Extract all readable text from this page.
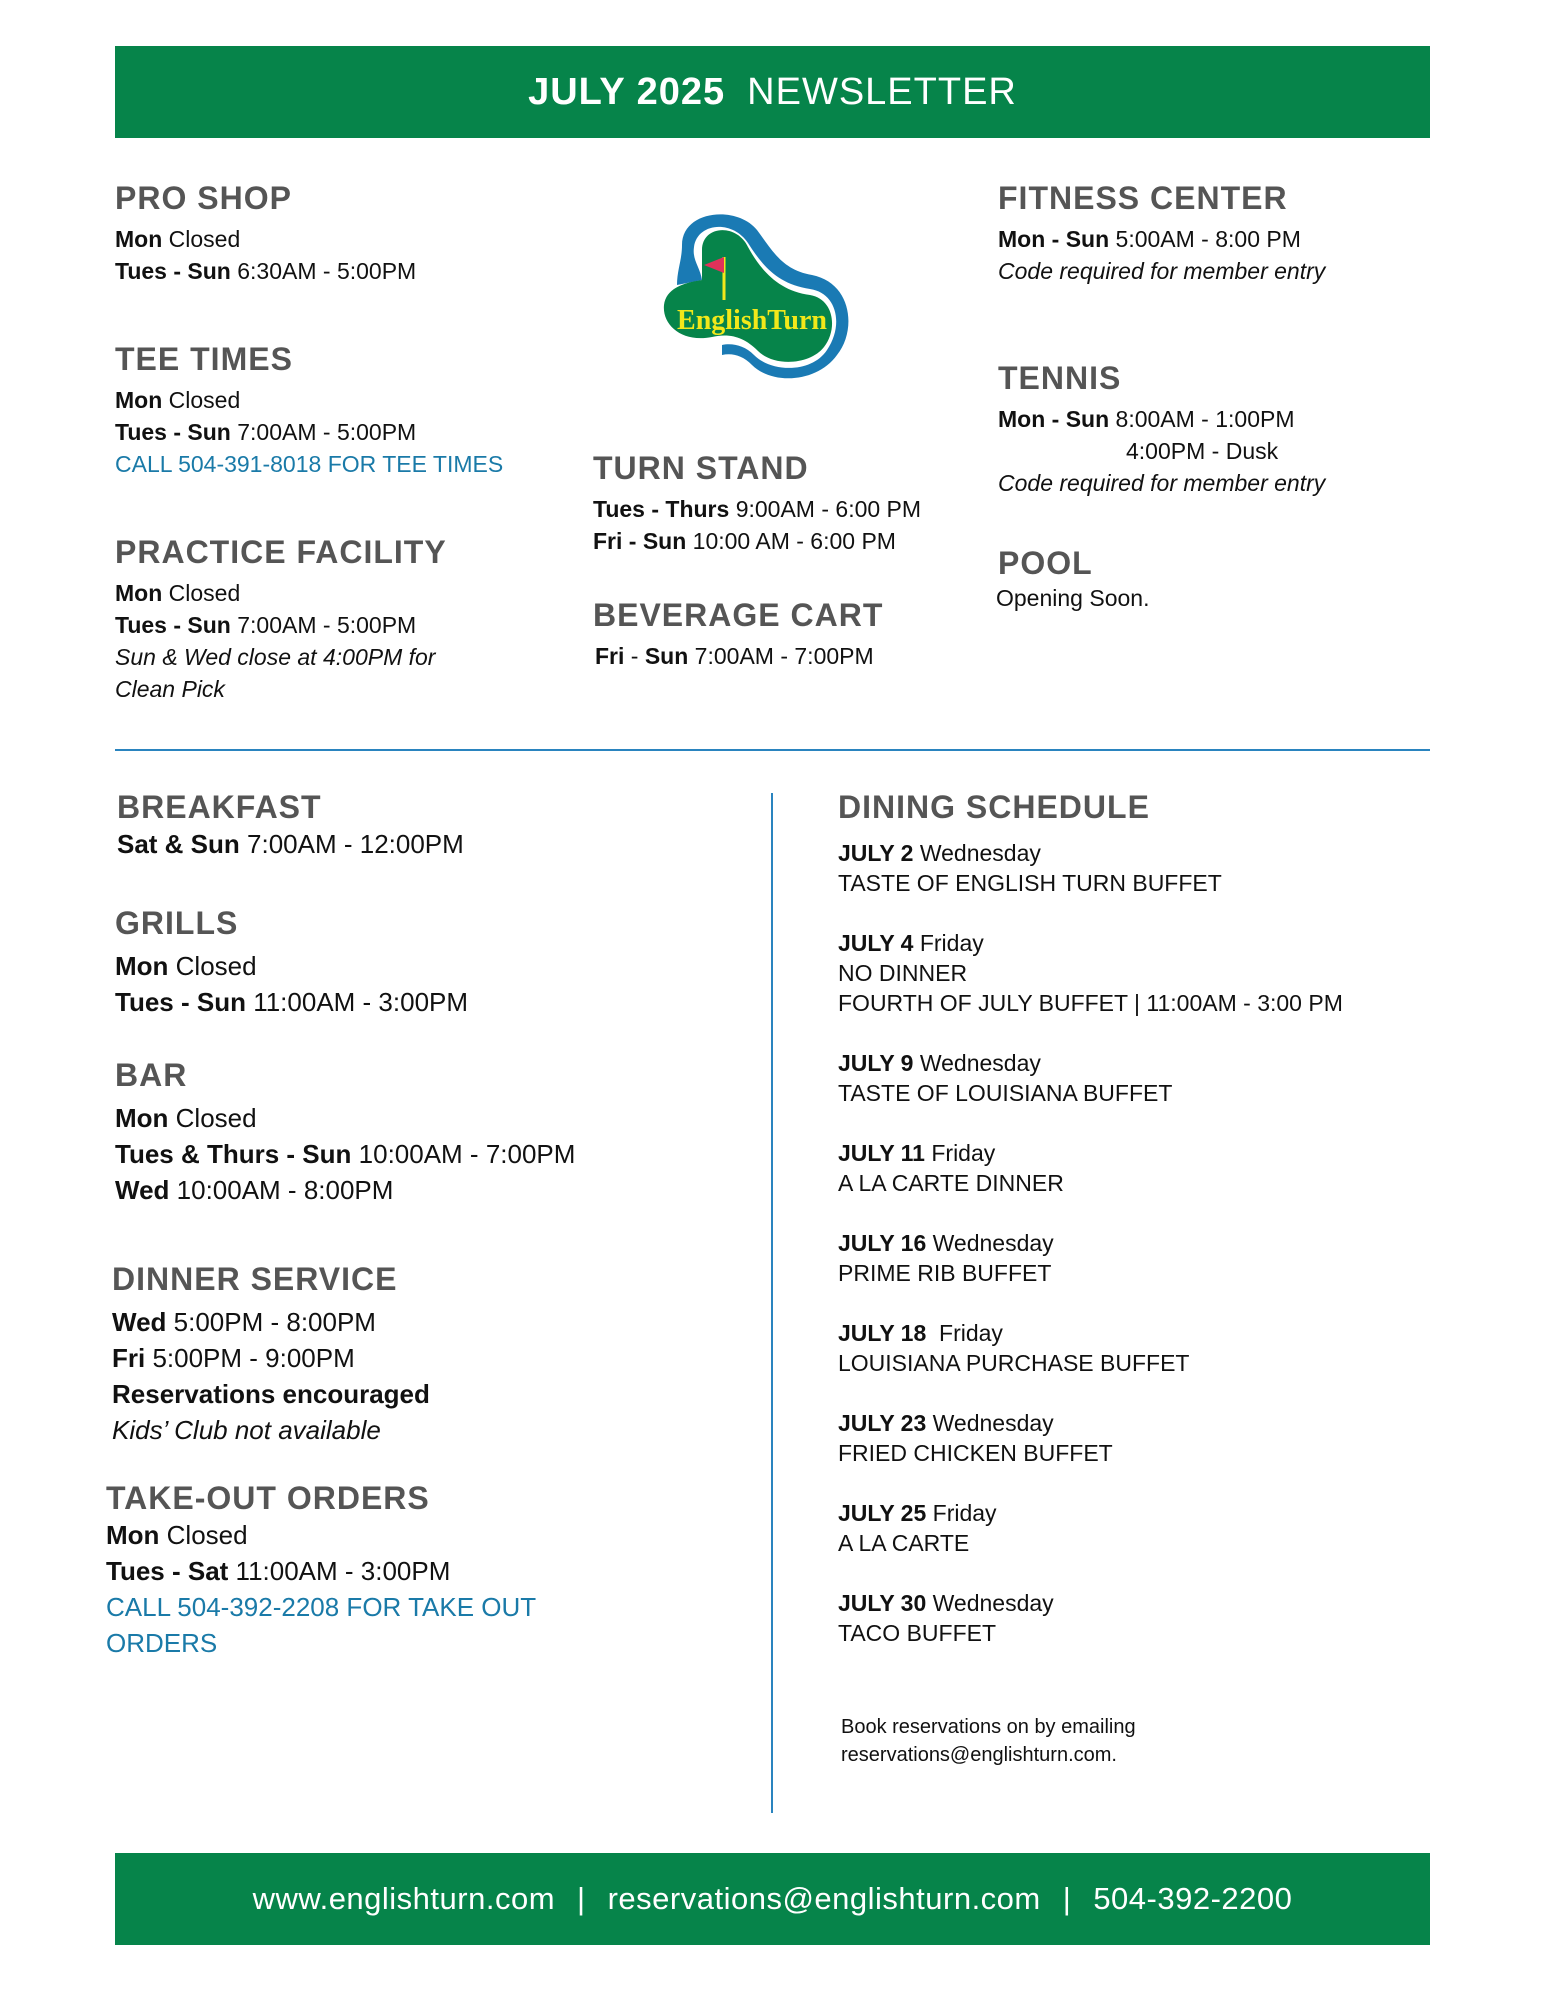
JULY 2025 NEWSLETTER
EnglishTurn
PRO SHOP
Mon Closed
Tues - Sun 6:30AM - 5:00PM
TEE TIMES
Mon Closed
Tues - Sun 7:00AM - 5:00PM
CALL 504-391-8018 FOR TEE TIMES
PRACTICE FACILITY
Mon Closed
Tues - Sun 7:00AM - 5:00PM
Sun & Wed close at 4:00PM for
Clean Pick
TURN STAND
Tues - Thurs 9:00AM - 6:00 PM
Fri - Sun 10:00 AM - 6:00 PM
BEVERAGE CART
Fri - Sun 7:00AM - 7:00PM
FITNESS CENTER
Mon - Sun 5:00AM - 8:00 PM
Code required for member entry
TENNIS
Mon - Sun 8:00AM - 1:00PM
4:00PM - Dusk
Code required for member entry
POOL
Opening Soon.
BREAKFAST
Sat & Sun 7:00AM - 12:00PM
GRILLS
Mon Closed
Tues - Sun 11:00AM - 3:00PM
BAR
Mon Closed
Tues & Thurs - Sun 10:00AM - 7:00PM
Wed 10:00AM - 8:00PM
DINNER SERVICE
Wed 5:00PM - 8:00PM
Fri 5:00PM - 9:00PM
Reservations encouraged
Kids’ Club not available
TAKE-OUT ORDERS
Mon Closed
Tues - Sat 11:00AM - 3:00PM
CALL 504-392-2208 FOR TAKE OUT
ORDERS
DINING SCHEDULE
JULY 2 Wednesday
TASTE OF ENGLISH TURN BUFFET
JULY 4 Friday
NO DINNER
FOURTH OF JULY BUFFET | 11:00AM - 3:00 PM
JULY 9 Wednesday
TASTE OF LOUISIANA BUFFET
JULY 11 Friday
A LA CARTE DINNER
JULY 16 Wednesday
PRIME RIB BUFFET
JULY 18  Friday
LOUISIANA PURCHASE BUFFET
JULY 23 Wednesday
FRIED CHICKEN BUFFET
JULY 25 Friday
A LA CARTE
JULY 30 Wednesday
TACO BUFFET
Book reservations on by emailing
reservations@englishturn.com.
www.englishturn.com | reservations@englishturn.com | 504-392-2200
